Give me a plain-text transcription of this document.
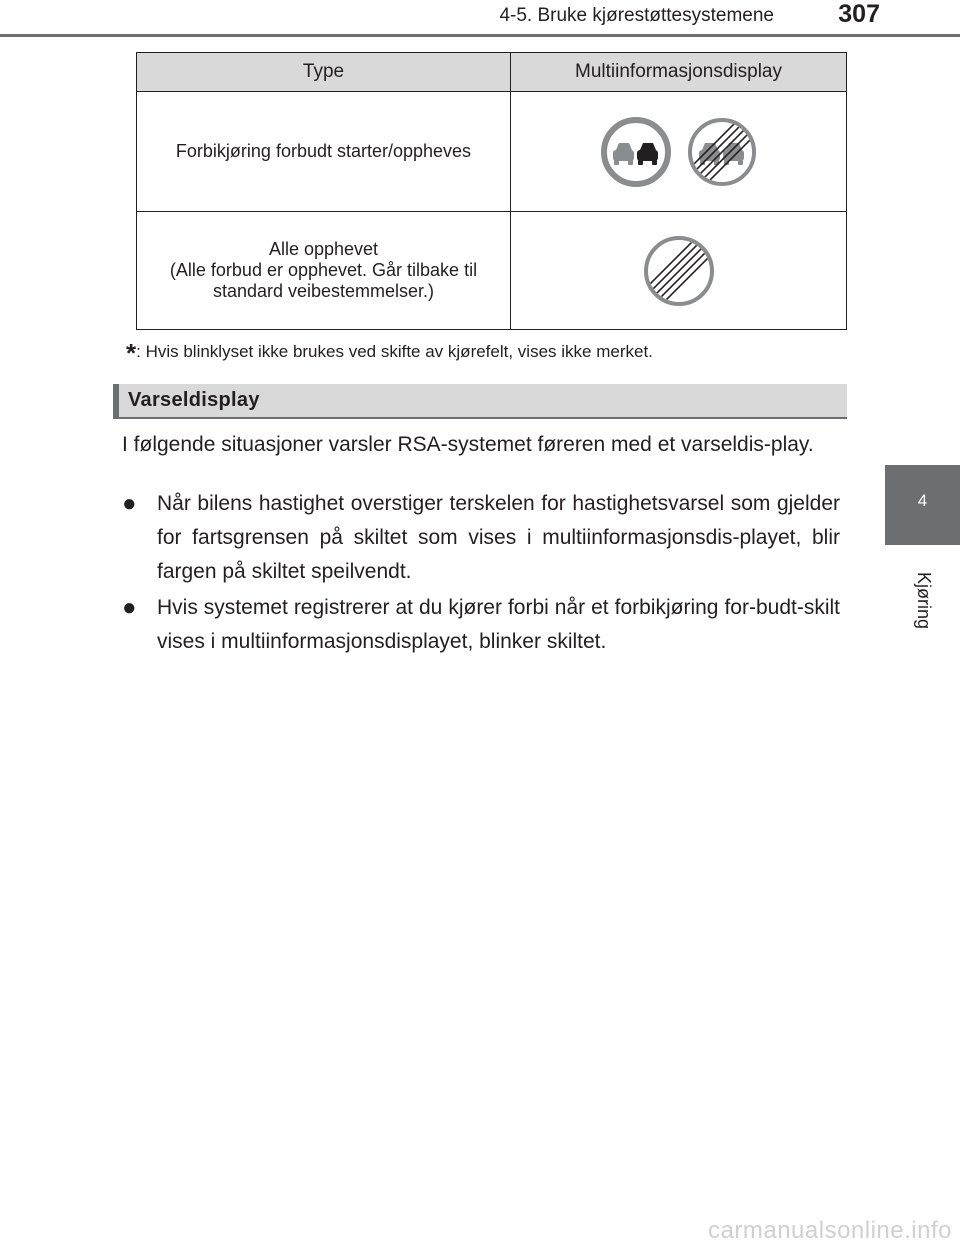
4-5. Bruke kjørestøttesystemene	307
4
Kjøring
Type	Multiinformasjonsdisplay
Forbikjøring forbudt starter/oppheves	

Alle opphevet
(Alle forbud er opphevet. Går tilbake til
standard veibestemmelser.)	
*: Hvis blinklyset ikke brukes ved skifte av kjørefelt, vises ikke merket.
Varseldisplay
I følgende situasjoner varsler RSA-systemet føreren med et varseldis-play.
● Når bilens hastighet overstiger terskelen for hastighetsvarsel som gjelder for fartsgrensen på skiltet som vises i multiinformasjonsdis-playet, blir fargen på skiltet speilvendt.
● Hvis systemet registrerer at du kjører forbi når et forbikjøring for-budt-skilt vises i multiinformasjonsdisplayet, blinker skiltet.
carmanualsonline.info
